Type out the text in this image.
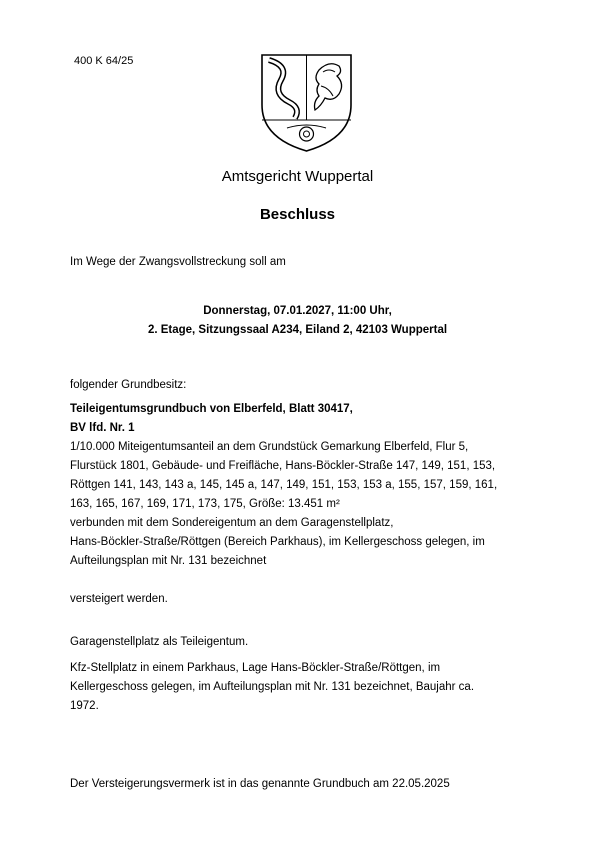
400 K 64/25
Amtsgericht Wuppertal
Beschluss
Im Wege der Zwangsvollstreckung soll am
Donnerstag, 07.01.2027, 11:00 Uhr,
2. Etage, Sitzungssaal A234, Eiland 2, 42103 Wuppertal
folgender Grundbesitz:
Teileigentumsgrundbuch von Elberfeld, Blatt 30417,
BV lfd. Nr. 1
1/10.000 Miteigentumsanteil an dem Grundstück Gemarkung Elberfeld, Flur 5,
Flurstück 1801, Gebäude- und Freifläche, Hans-Böckler-Straße 147, 149, 151, 153,
Röttgen 141, 143, 143 a, 145, 145 a, 147, 149, 151, 153, 153 a, 155, 157, 159, 161,
163, 165, 167, 169, 171, 173, 175, Größe: 13.451 m²
verbunden mit dem Sondereigentum an dem Garagenstellplatz,
Hans-Böckler-Straße/Röttgen (Bereich Parkhaus), im Kellergeschoss gelegen, im
Aufteilungsplan mit Nr. 131 bezeichnet
versteigert werden.
Garagenstellplatz als Teileigentum.
Kfz-Stellplatz in einem Parkhaus, Lage Hans-Böckler-Straße/Röttgen, im
Kellergeschoss gelegen, im Aufteilungsplan mit Nr. 131 bezeichnet, Baujahr ca.
1972.
Der Versteigerungsvermerk ist in das genannte Grundbuch am 22.05.2025
